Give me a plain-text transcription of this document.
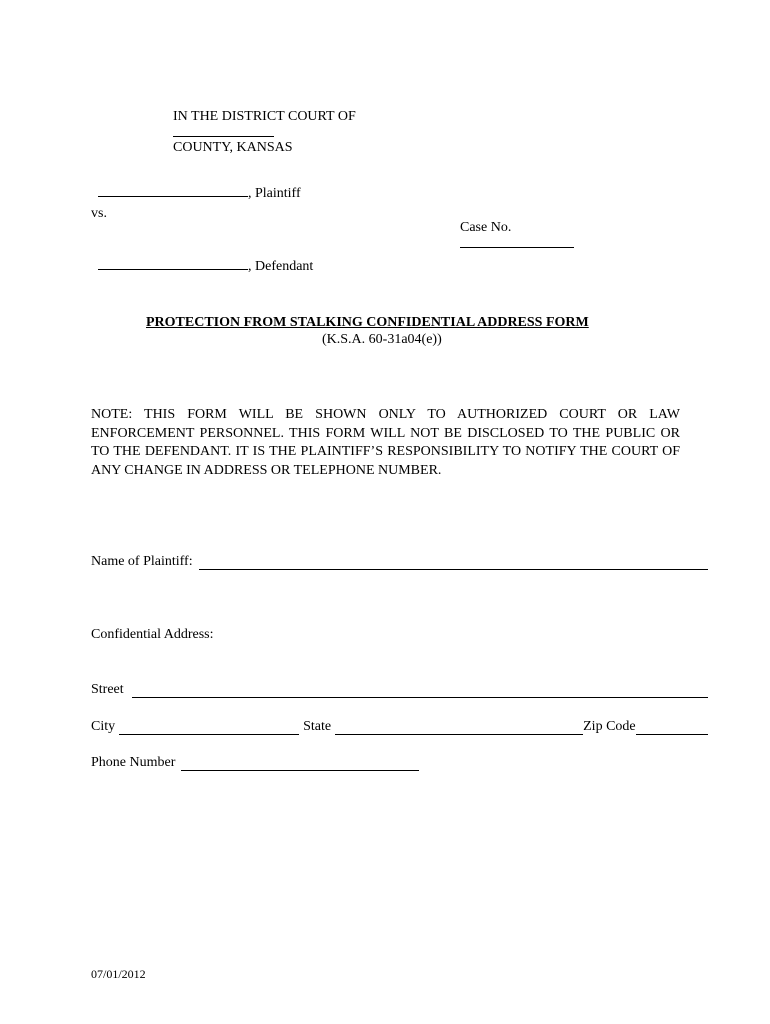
IN THE DISTRICT COURT OF

COUNTY, KANSAS

, Plaintiff

vs.

Case No.

, Defendant

PROTECTION FROM STALKING CONFIDENTIAL ADDRESS FORM
(K.S.A. 60-31a04(e))
NOTE: THIS FORM WILL BE SHOWN ONLY TO AUTHORIZED COURT OR LAW ENFORCEMENT PERSONNEL. THIS FORM WILL NOT BE DISCLOSED TO THE PUBLIC OR TO THE DEFENDANT. IT IS THE PLAINTIFF’S RESPONSIBILITY TO NOTIFY THE COURT OF ANY CHANGE IN ADDRESS OR TELEPHONE NUMBER.
Name of Plaintiff:
Confidential Address:
Street
City	State	Zip Code
Phone Number
07/01/2012
